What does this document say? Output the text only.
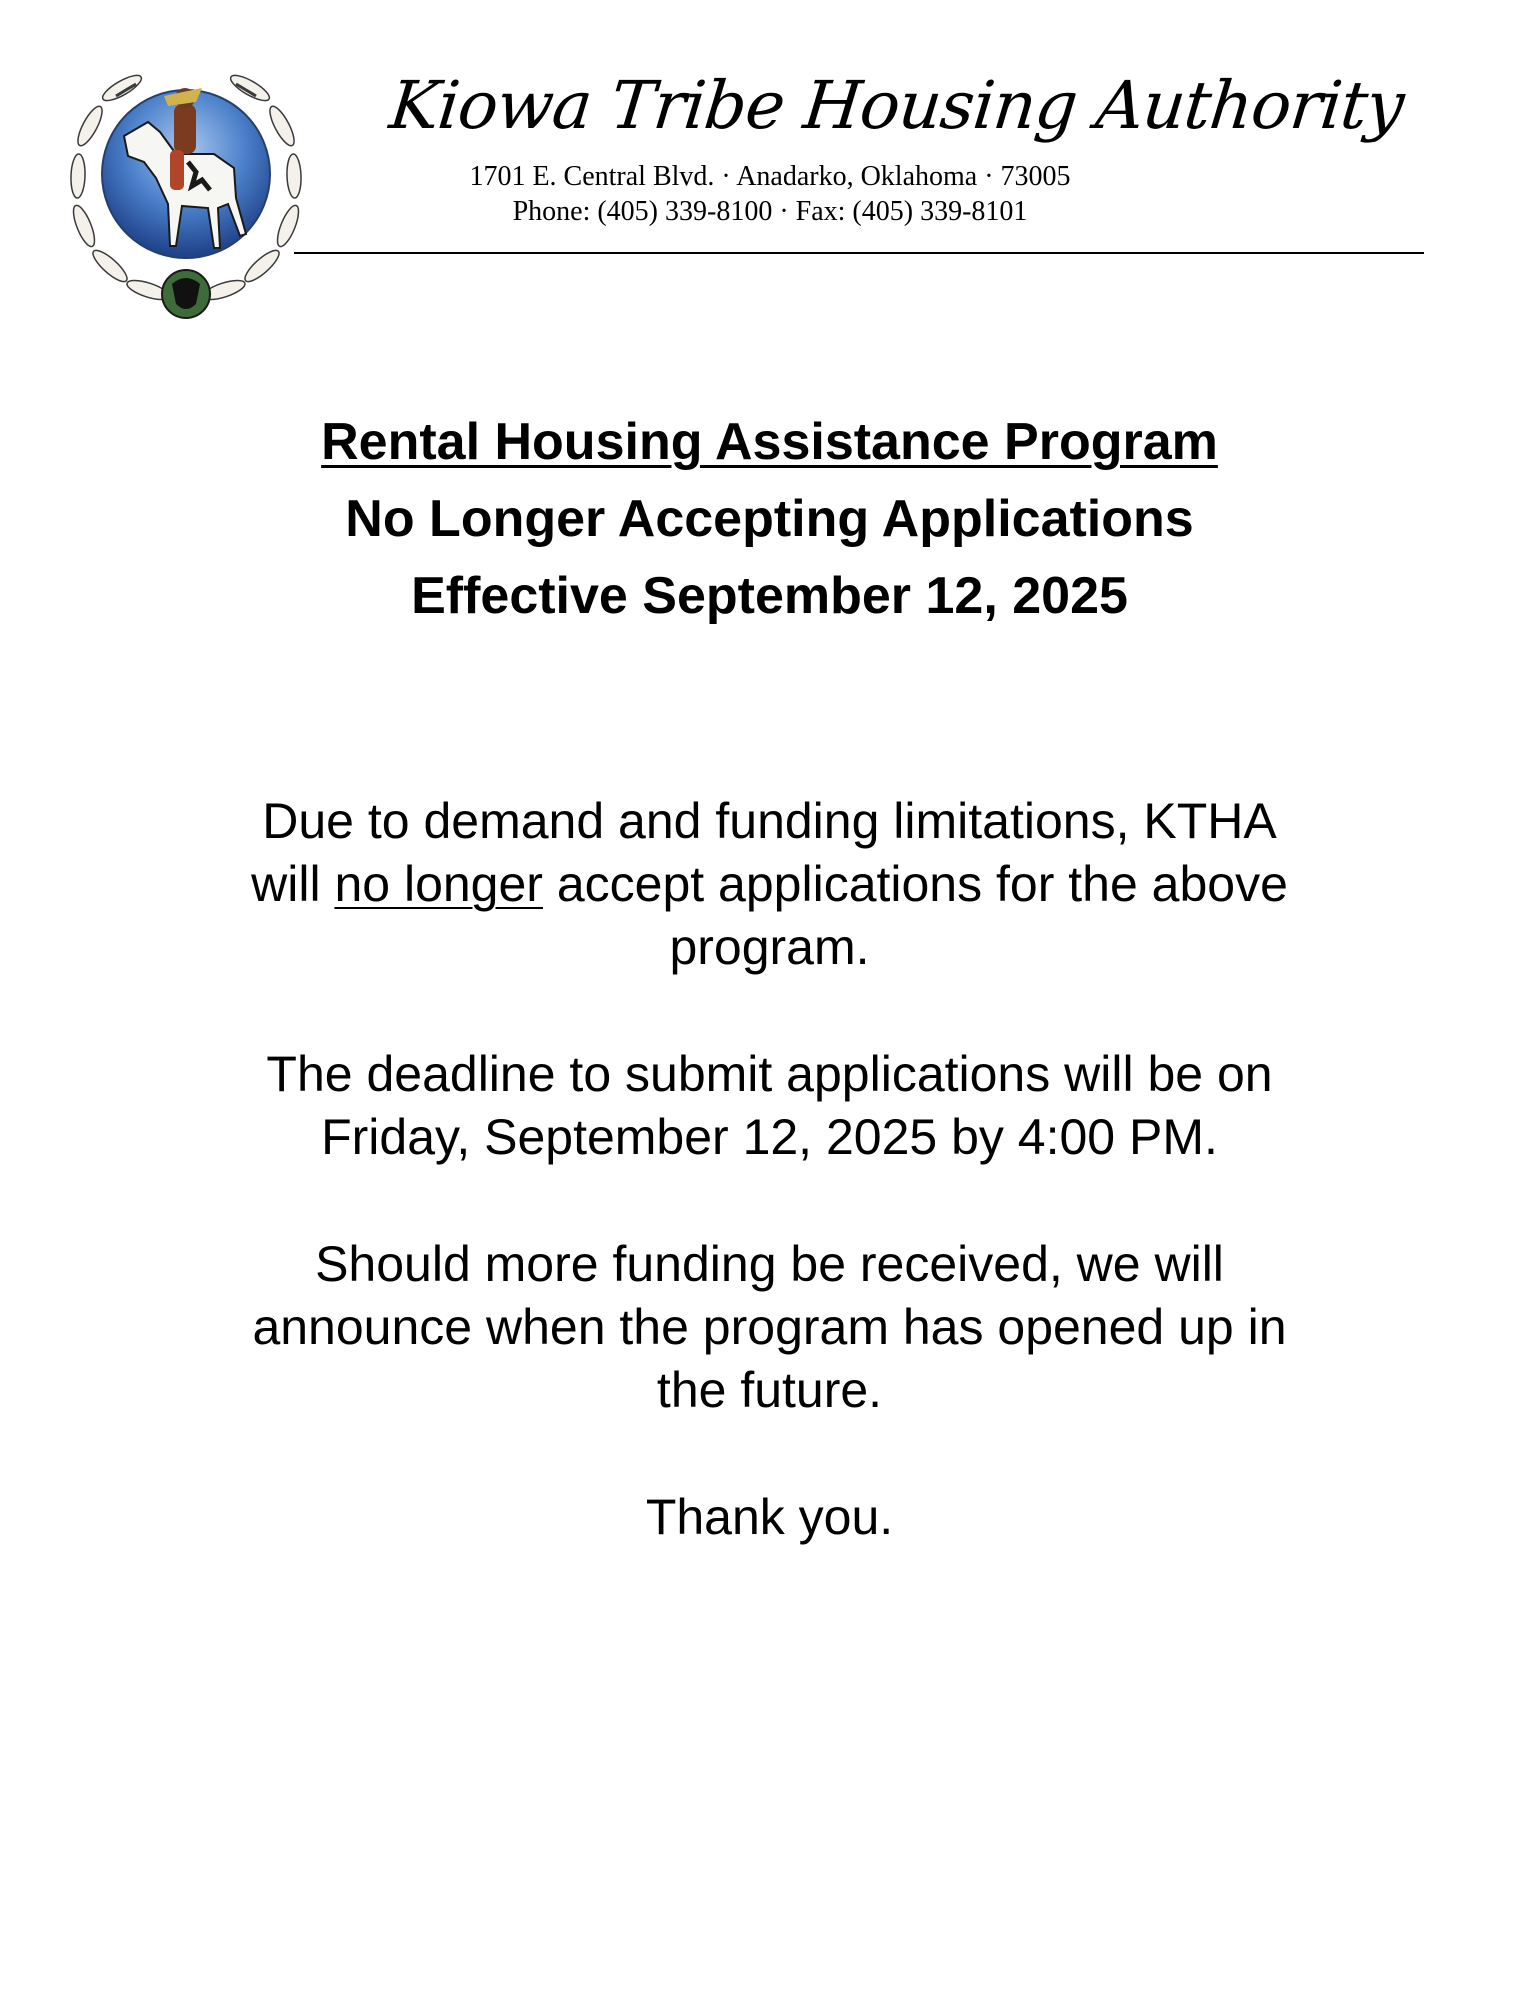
Kiowa Tribe Housing Authority
1701 E. Central Blvd. · Anadarko, Oklahoma · 73005
Phone: (405) 339-8100 · Fax: (405) 339-8101
Rental Housing Assistance Program
No Longer Accepting Applications
Effective September 12, 2025
Due to demand and funding limitations, KTHA
will no longer accept applications for the above
program.
The deadline to submit applications will be on
Friday, September 12, 2025 by 4:00 PM.
Should more funding be received, we will
announce when the program has opened up in
the future.
Thank you.
